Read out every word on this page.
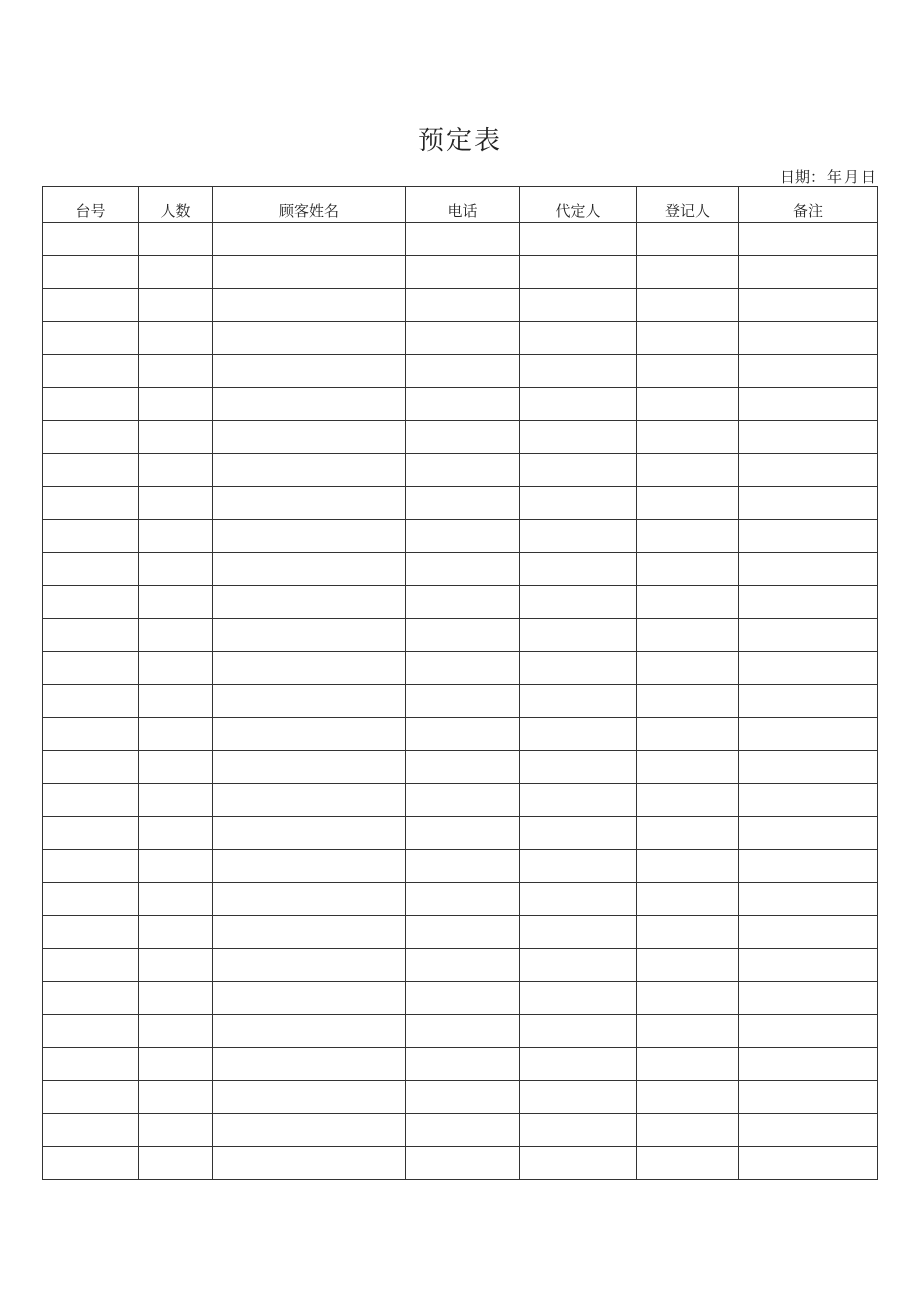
预定表
日期： 年 月 日
台号	人数	顾客姓名	电话	代定人	登记人	备注
